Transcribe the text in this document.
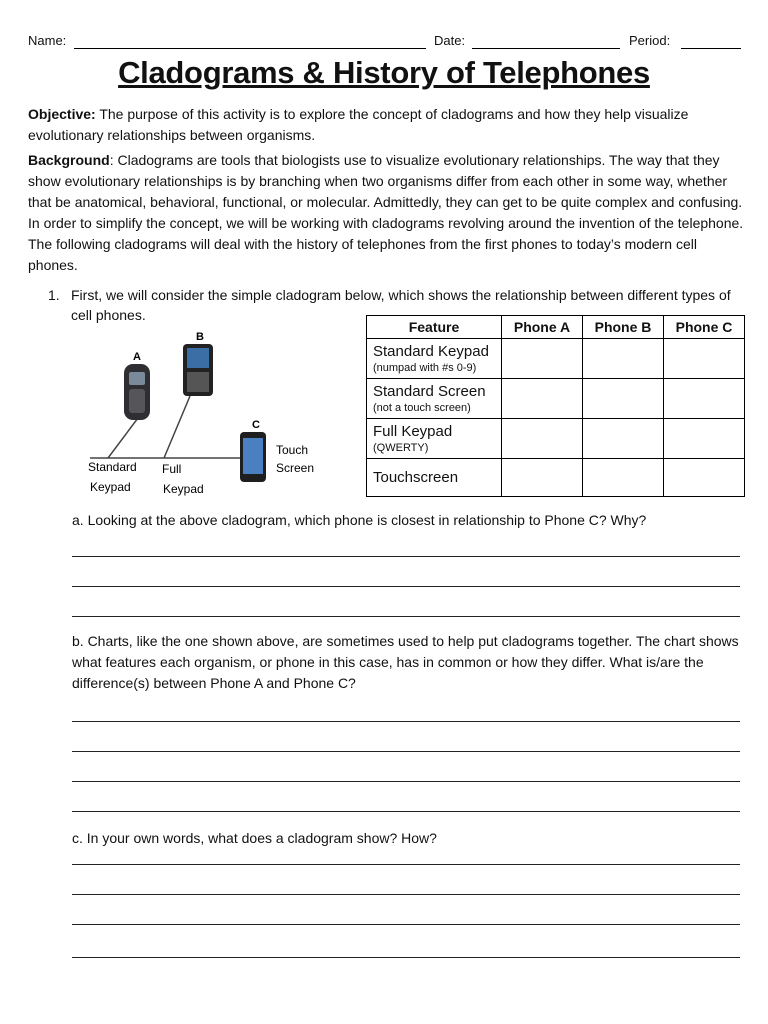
Name:	Date:	Period:
Cladograms & History of Telephones
Objective: The purpose of this activity is to explore the concept of cladograms and how they help visualize evolutionary relationships between organisms.
Background: Cladograms are tools that biologists use to visualize evolutionary relationships. The way that they show evolutionary relationships is by branching when two organisms differ from each other in some way, whether that be anatomical, behavioral, functional, or molecular. Admittedly, they can get to be quite complex and confusing. In order to simplify the concept, we will be working with cladograms revolving around the invention of the telephone. The following cladograms will deal with the history of telephones from the first phones to today’s modern cell phones.
1. First, we will consider the simple cladogram below, which shows the relationship between different types of cell phones.
A
B
C
Standard
Keypad
Full
Keypad
Touch
Screen
Feature	Phone A	Phone B	Phone C

Standard Keypad
(numpad with #s 0-9)			

Standard Screen
(not a touch screen)			

Full Keypad
(QWERTY)			

Touchscreen			

a. Looking at the above cladogram, which phone is closest in relationship to Phone C? Why?
b. Charts, like the one shown above, are sometimes used to help put cladograms together. The chart shows what features each organism, or phone in this case, has in common or how they differ. What is/are the difference(s) between Phone A and Phone C?
c. In your own words, what does a cladogram show? How?
